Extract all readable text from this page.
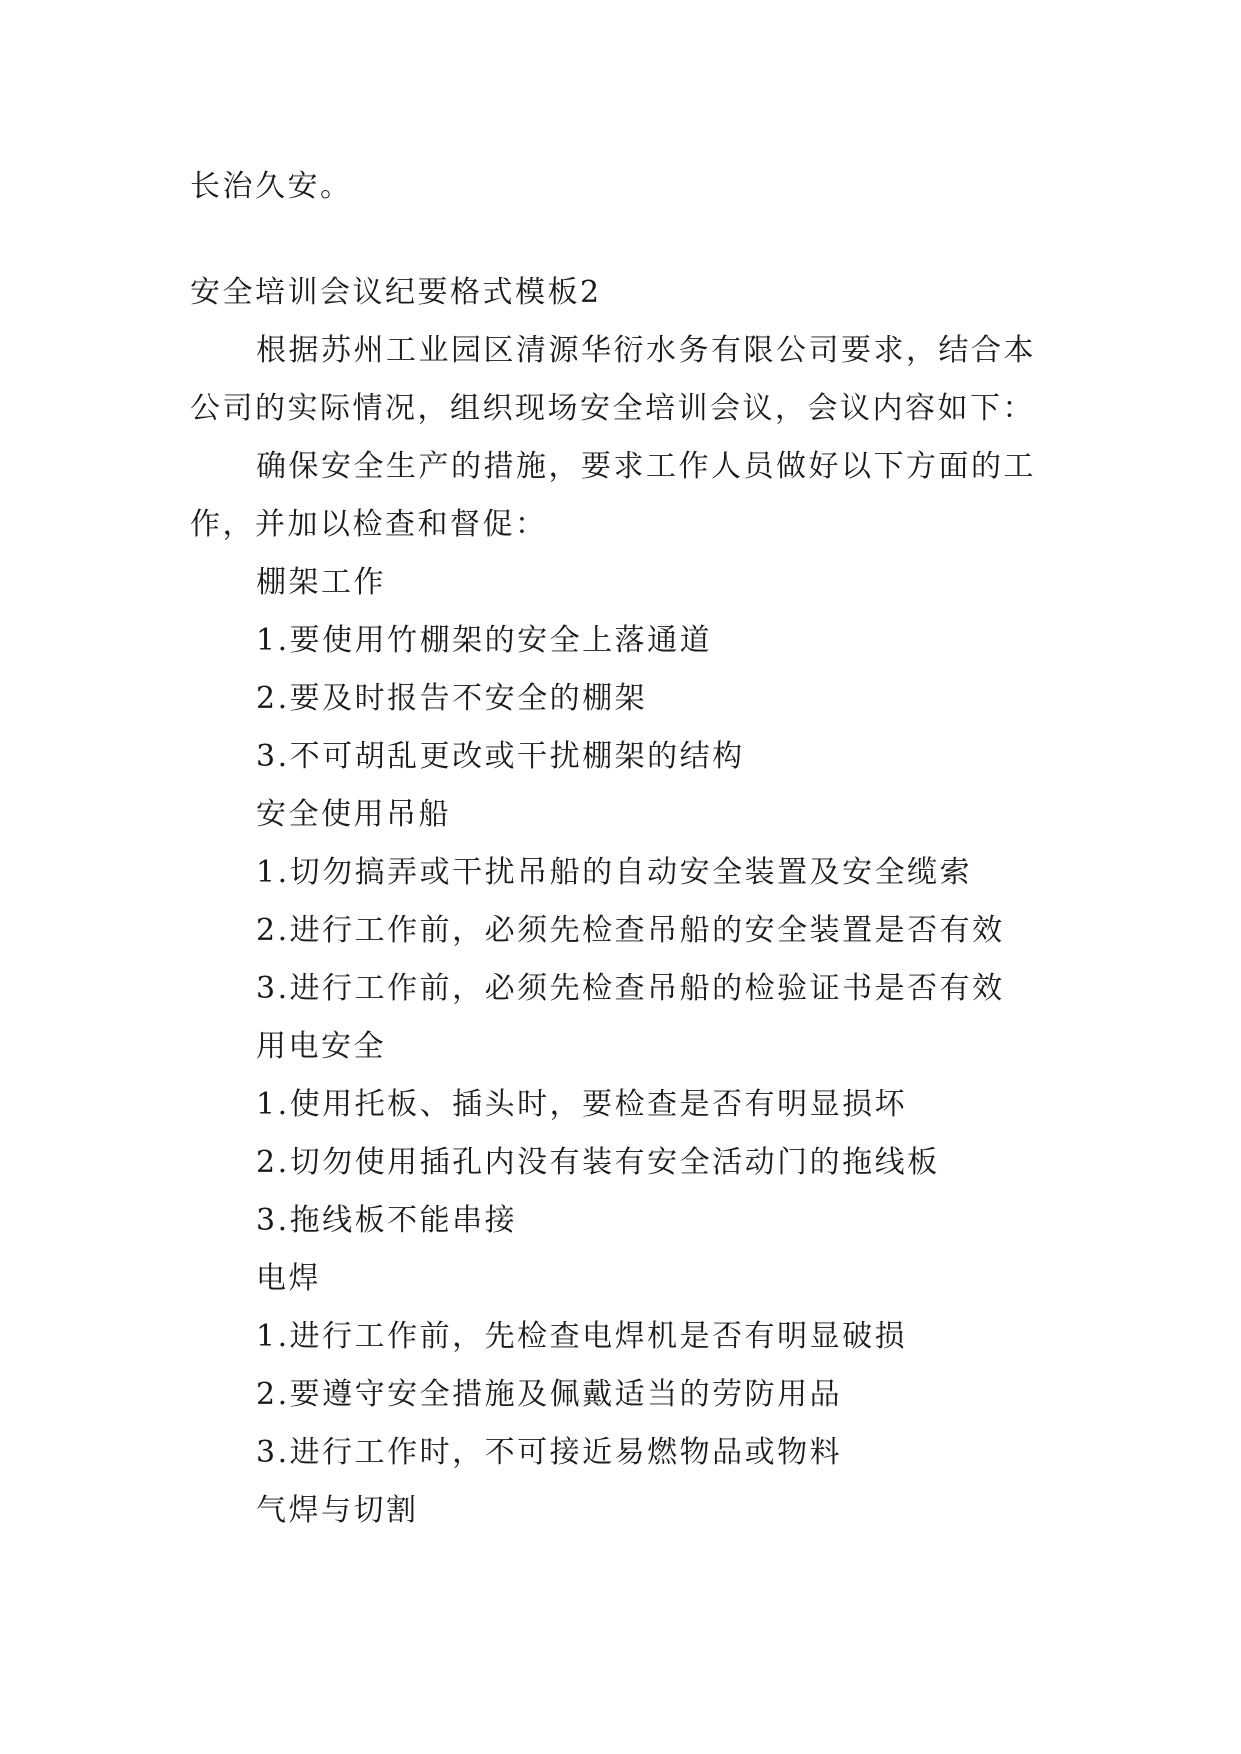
长治久安。

安全培训会议纪要格式模板2

根据苏州工业园区清源华衍水务有限公司要求，结合本

公司的实际情况，组织现场安全培训会议，会议内容如下：

确保安全生产的措施，要求工作人员做好以下方面的工

作，并加以检查和督促：

棚架工作

1.要使用竹棚架的安全上落通道

2.要及时报告不安全的棚架

3.不可胡乱更改或干扰棚架的结构

安全使用吊船

1.切勿搞弄或干扰吊船的自动安全装置及安全缆索

2.进行工作前，必须先检查吊船的安全装置是否有效

3.进行工作前，必须先检查吊船的检验证书是否有效

用电安全

1.使用托板、插头时，要检查是否有明显损坏

2.切勿使用插孔内没有装有安全活动门的拖线板

3.拖线板不能串接

电焊

1.进行工作前，先检查电焊机是否有明显破损

2.要遵守安全措施及佩戴适当的劳防用品

3.进行工作时，不可接近易燃物品或物料

气焊与切割
